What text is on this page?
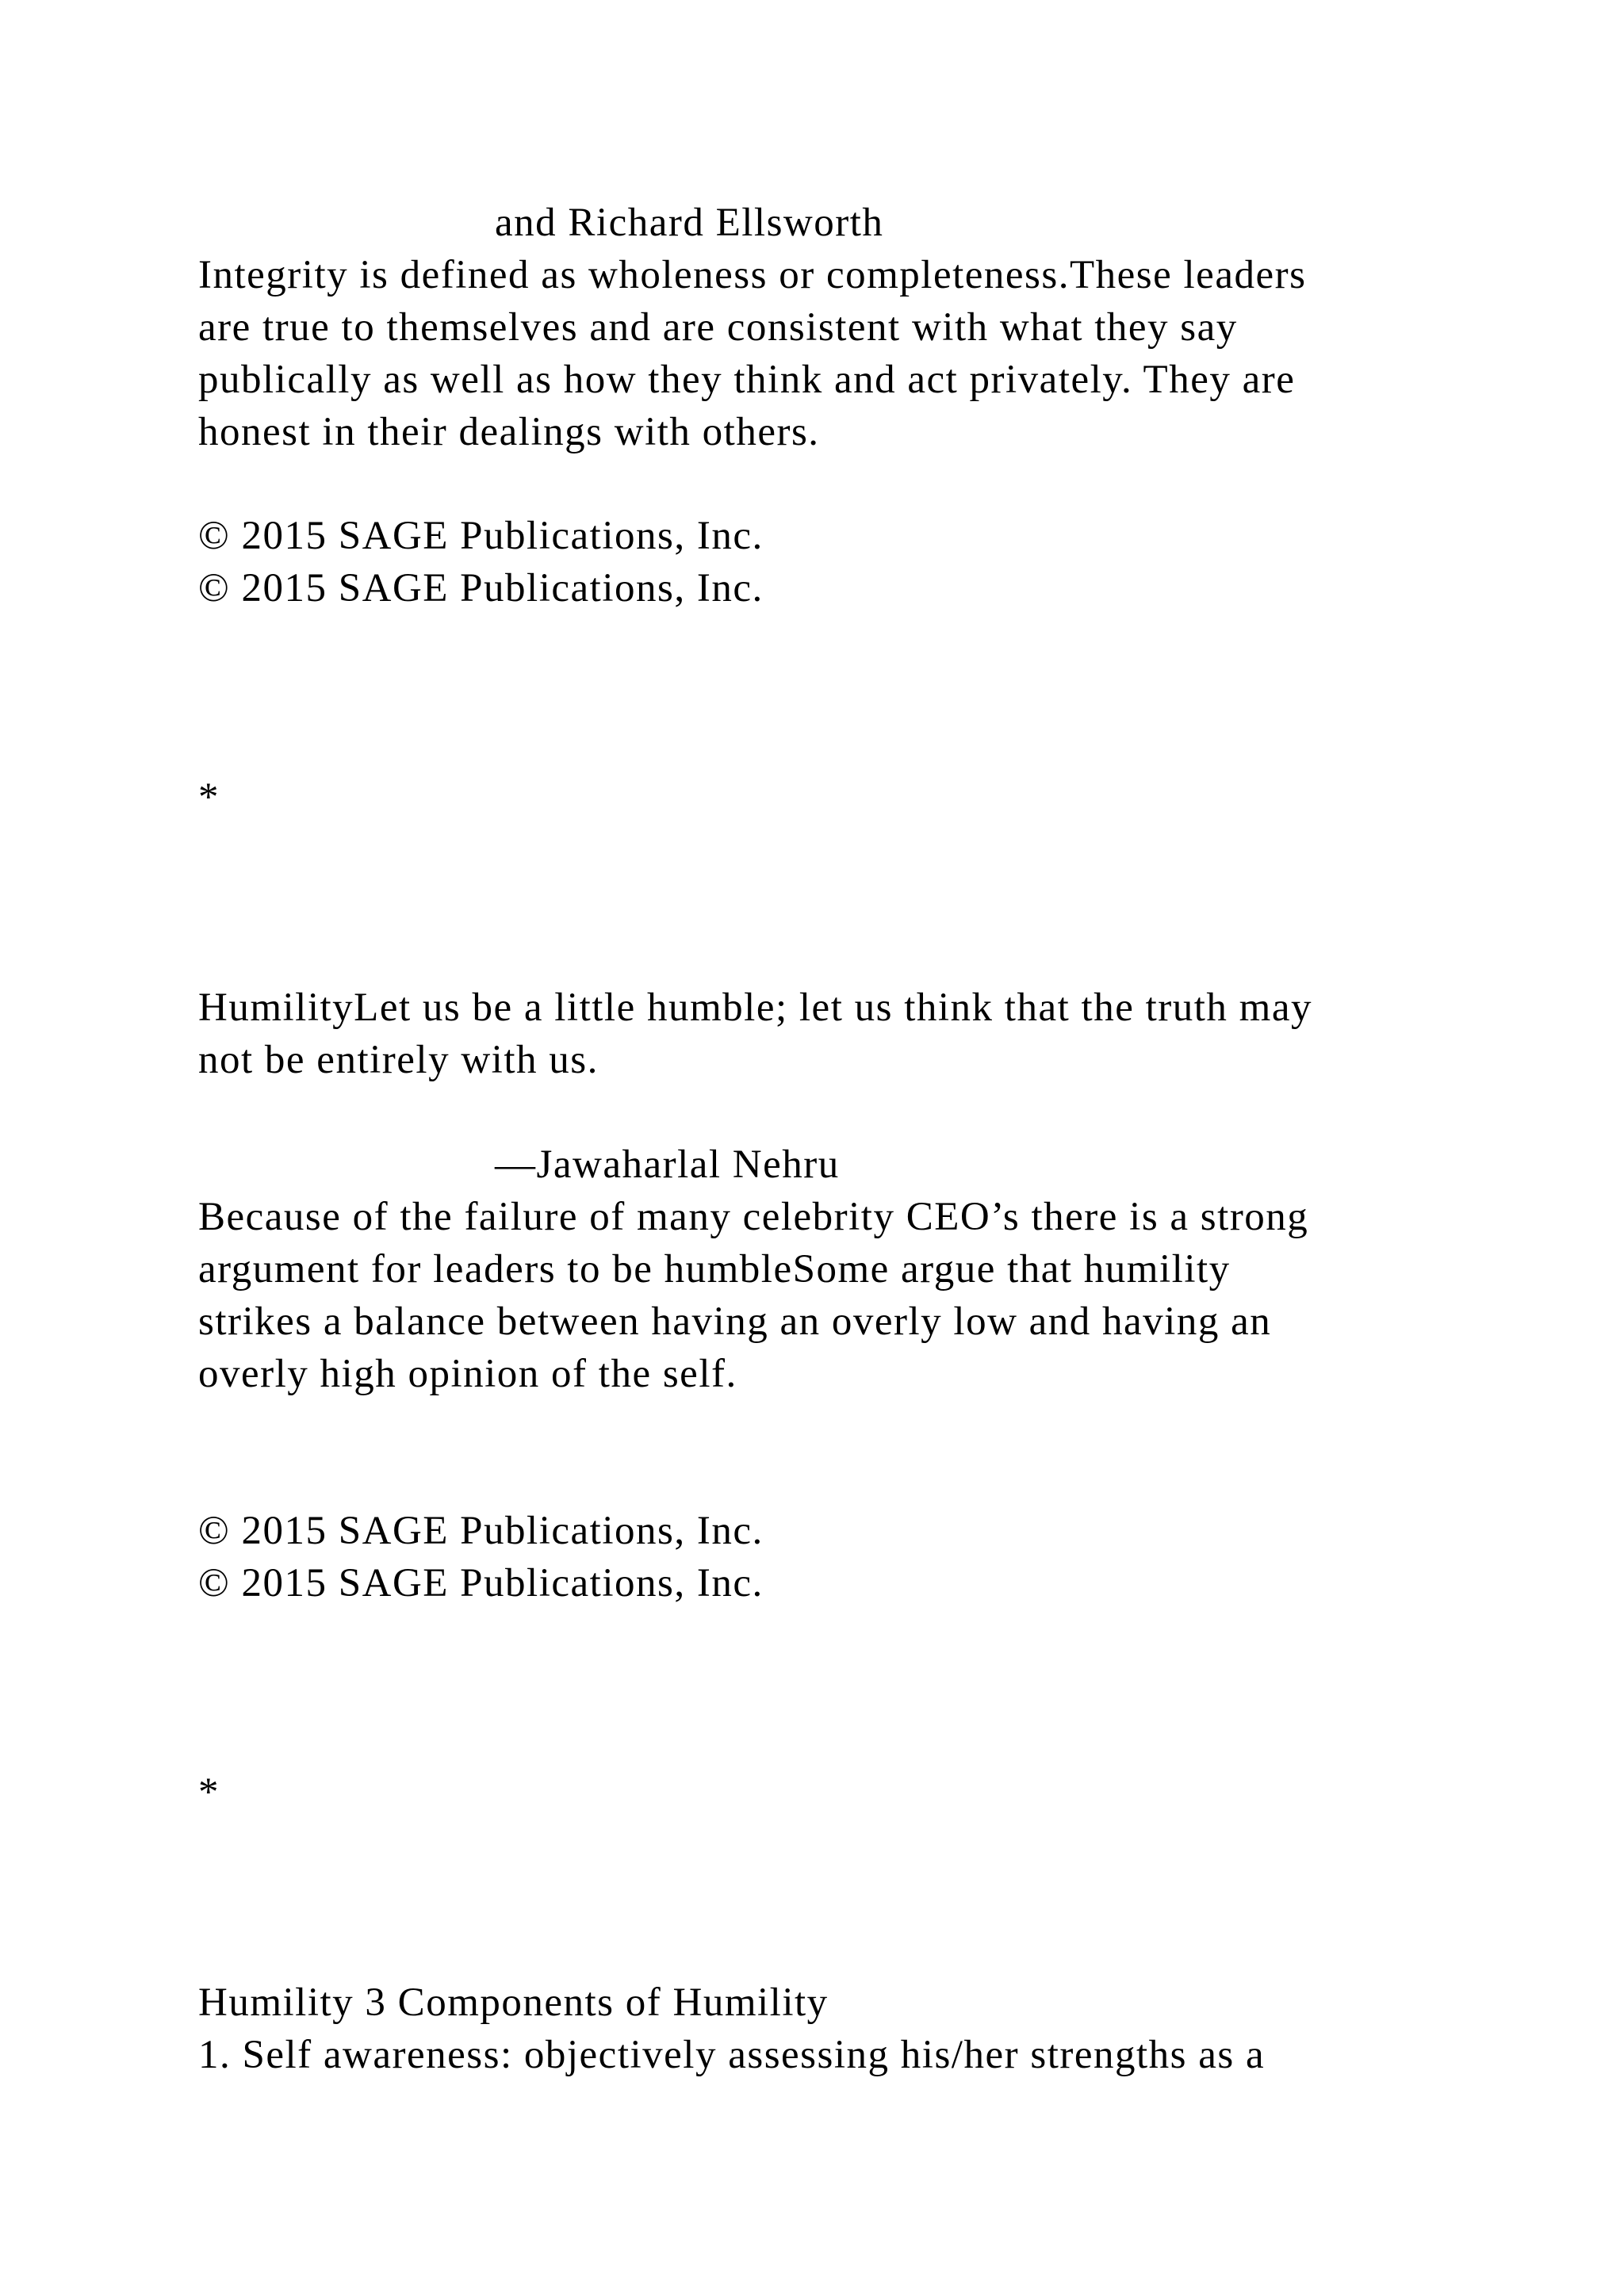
and Richard Ellsworth

Integrity is defined as wholeness or completeness.These leaders

are true to themselves and are consistent with what they say

publically as well as how they think and act privately. They are

honest in their dealings with others.

© 2015 SAGE Publications, Inc.

© 2015 SAGE Publications, Inc.

*

HumilityLet us be a little humble; let us think that the truth may

not be entirely with us.

—Jawaharlal Nehru

Because of the failure of many celebrity CEO’s there is a strong

argument for leaders to be humbleSome argue that humility

strikes a balance between having an overly low and having an

overly high opinion of the self.

© 2015 SAGE Publications, Inc.

© 2015 SAGE Publications, Inc.

*

Humility 3 Components of Humility

1. Self awareness: objectively assessing his/her strengths as a
